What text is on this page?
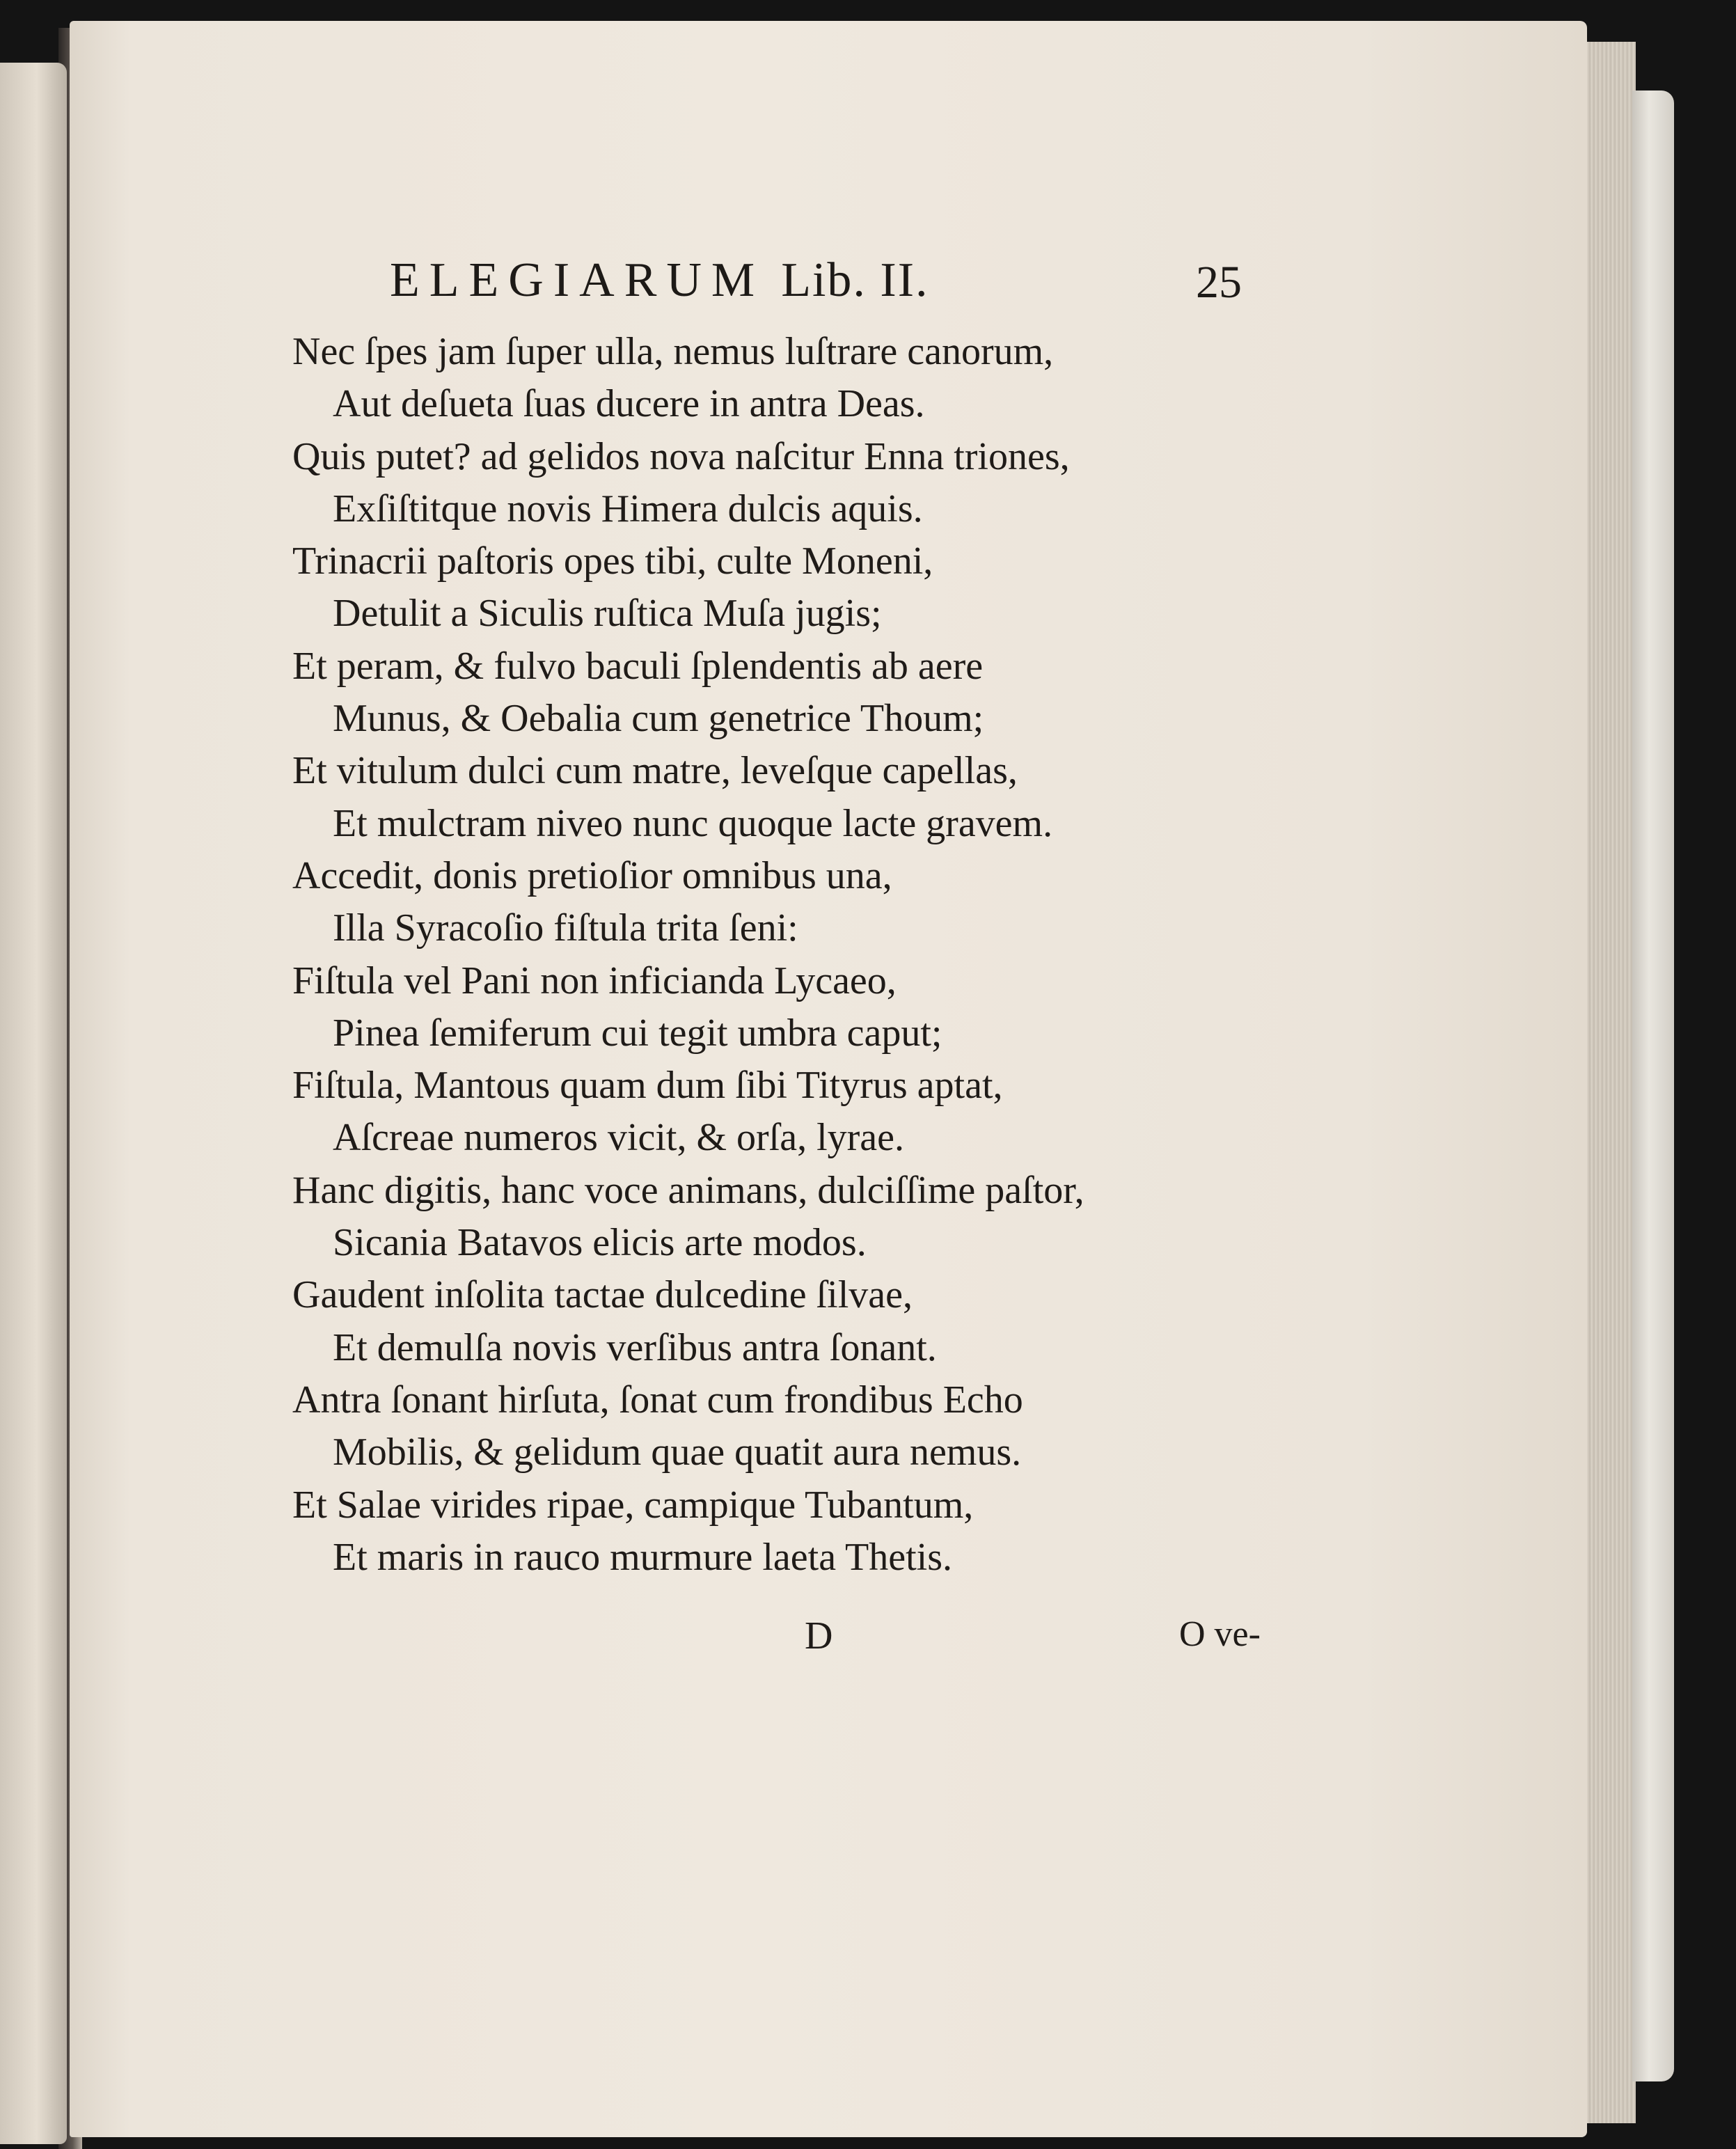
ELEGIARUM Lib. II.	25
Nec ſpes jam ſuper ulla, nemus luſtrare canorum,
Aut deſueta ſuas ducere in antra Deas.
Quis putet? ad gelidos nova naſcitur Enna triones,
Exſiſtitque novis Himera dulcis aquis.
Trinacrii paſtoris opes tibi, culte Moneni,
Detulit a Siculis ruſtica Muſa jugis;
Et peram, & fulvo baculi ſplendentis ab aere
Munus, & Oebalia cum genetrice Thoum;
Et vitulum dulci cum matre, leveſque capellas,
Et mulctram niveo nunc quoque lacte gravem.
Accedit, donis pretioſior omnibus una,
Illa Syracoſio fiſtula trita ſeni:
Fiſtula vel Pani non inficianda Lycaeo,
Pinea ſemiferum cui tegit umbra caput;
Fiſtula, Mantous quam dum ſibi Tityrus aptat,
Aſcreae numeros vicit, & orſa, lyrae.
Hanc digitis, hanc voce animans, dulciſſime paſtor,
Sicania Batavos elicis arte modos.
Gaudent inſolita tactae dulcedine ſilvae,
Et demulſa novis verſibus antra ſonant.
Antra ſonant hirſuta, ſonat cum frondibus Echo
Mobilis, & gelidum quae quatit aura nemus.
Et Salae virides ripae, campique Tubantum,
Et maris in rauco murmure laeta Thetis.
D	O ve-
